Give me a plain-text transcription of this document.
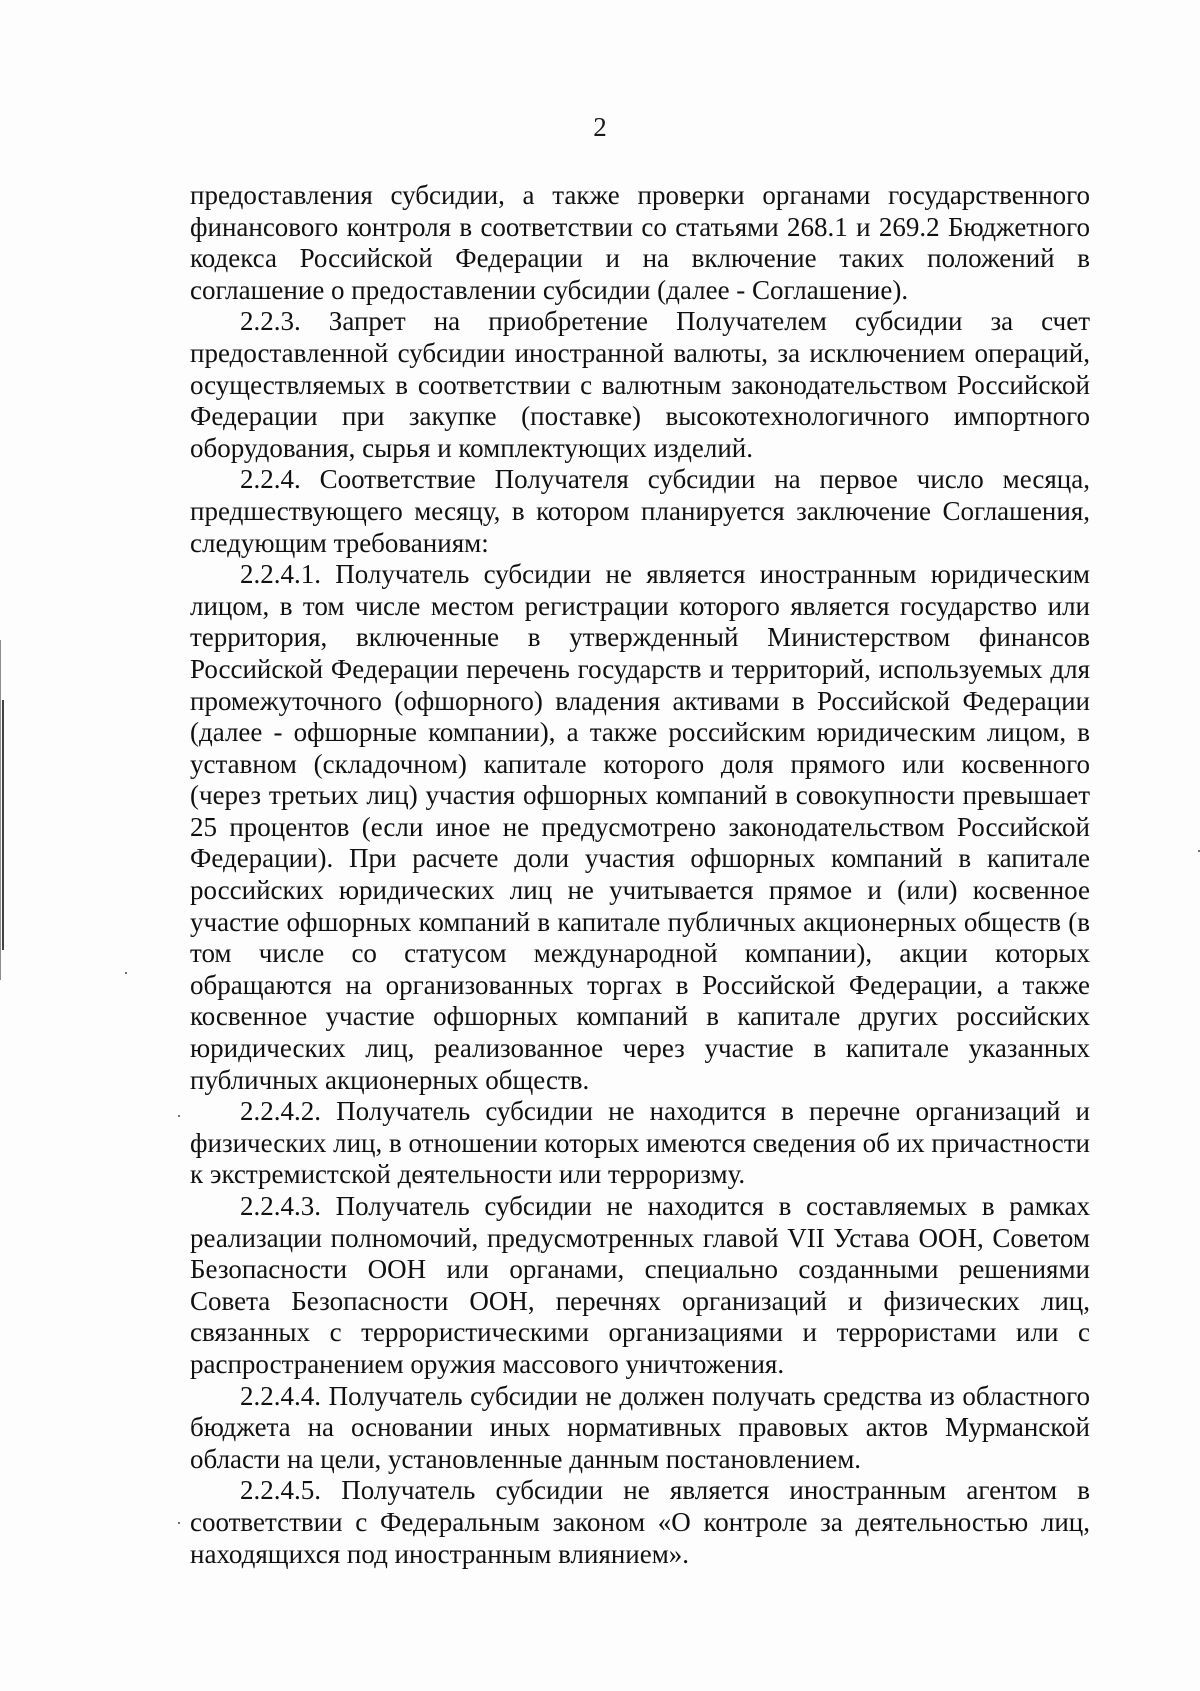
2

предоставления субсидии, а также проверки органами государственного финансового контроля в соответствии со статьями 268.1 и 269.2 Бюджетного кодекса Российской Федерации и на включение таких положений в соглашение о предоставлении субсидии (далее - Соглашение).

2.2.3. Запрет на приобретение Получателем субсидии за счет предоставленной субсидии иностранной валюты, за исключением операций, осуществляемых в соответствии с валютным законодательством Российской Федерации при закупке (поставке) высокотехнологичного импортного оборудования, сырья и комплектующих изделий.

2.2.4. Соответствие Получателя субсидии на первое число месяца, предшествующего месяцу, в котором планируется заключение Соглашения, следующим требованиям:

2.2.4.1. Получатель субсидии не является иностранным юридическим лицом, в том числе местом регистрации которого является государство или территория, включенные в утвержденный Министерством финансов Российской Федерации перечень государств и территорий, используемых для промежуточного (офшорного) владения активами в Российской Федерации (далее - офшорные компании), а также российским юридическим лицом, в уставном (складочном) капитале которого доля прямого или косвенного (через третьих лиц) участия офшорных компаний в совокупности превышает 25 процентов (если иное не предусмотрено законодательством Российской Федерации). При расчете доли участия офшорных компаний в капитале российских юридических лиц не учитывается прямое и (или) косвенное участие офшорных компаний в капитале публичных акционерных обществ (в том числе со статусом международной компании), акции которых обращаются на организованных торгах в Российской Федерации, а также косвенное участие офшорных компаний в капитале других российских юридических лиц, реализованное через участие в капитале указанных публичных акционерных обществ.

2.2.4.2. Получатель субсидии не находится в перечне организаций и физических лиц, в отношении которых имеются сведения об их причастности к экстремистской деятельности или терроризму.

2.2.4.3. Получатель субсидии не находится в составляемых в рамках реализации полномочий, предусмотренных главой VII Устава ООН, Советом Безопасности ООН или органами, специально созданными решениями Совета Безопасности ООН, перечнях организаций и физических лиц, связанных с террористическими организациями и террористами или с распространением оружия массового уничтожения.

2.2.4.4. Получатель субсидии не должен получать средства из областного бюджета на основании иных нормативных правовых актов Мурманской области на цели, установленные данным постановлением.

2.2.4.5. Получатель субсидии не является иностранным агентом в соответствии с Федеральным законом «О контроле за деятельностью лиц, находящихся под иностранным влиянием».
